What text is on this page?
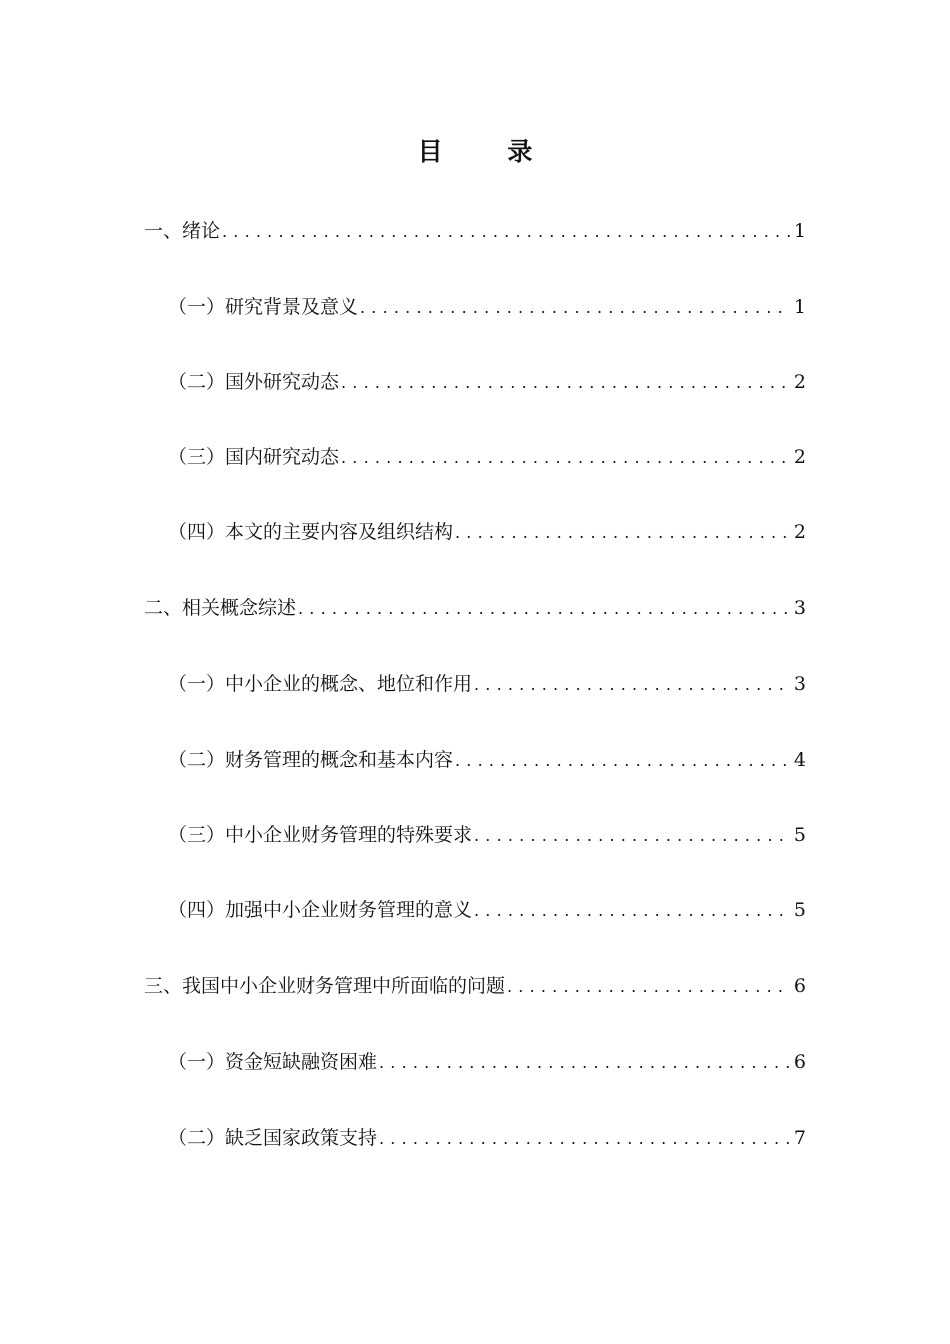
目 录
一、绪论 .....	1
（一）研究背景及意义 .....	1
（二）国外研究动态 .....	2
（三）国内研究动态 .....	2
（四）本文的主要内容及组织结构 .....	2
二、相关概念综述 .....	3
（一）中小企业的概念、地位和作用 .....	3
（二）财务管理的概念和基本内容 .....	4
（三）中小企业财务管理的特殊要求 .....	5
（四）加强中小企业财务管理的意义 .....	5
三、我国中小企业财务管理中所面临的问题 .....	6
（一）资金短缺融资困难 .....	6
（二）缺乏国家政策支持 .....	7
